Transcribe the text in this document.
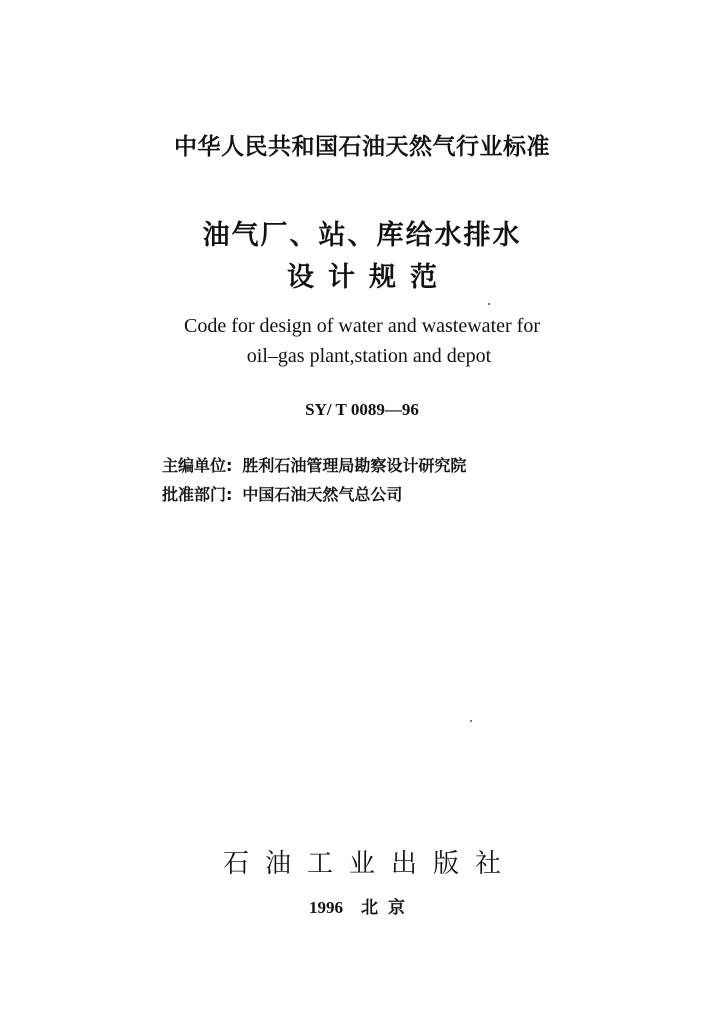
中华人民共和国石油天然气行业标准
油气厂、站、库给水排水
设计规范
Code for design of water and wastewater for
oil–gas plant,station and depot
SY/ T 0089—96
主编单位: 胜利石油管理局勘察设计研究院
批准部门: 中国石油天然气总公司
石油工业出版社
1996 北京
